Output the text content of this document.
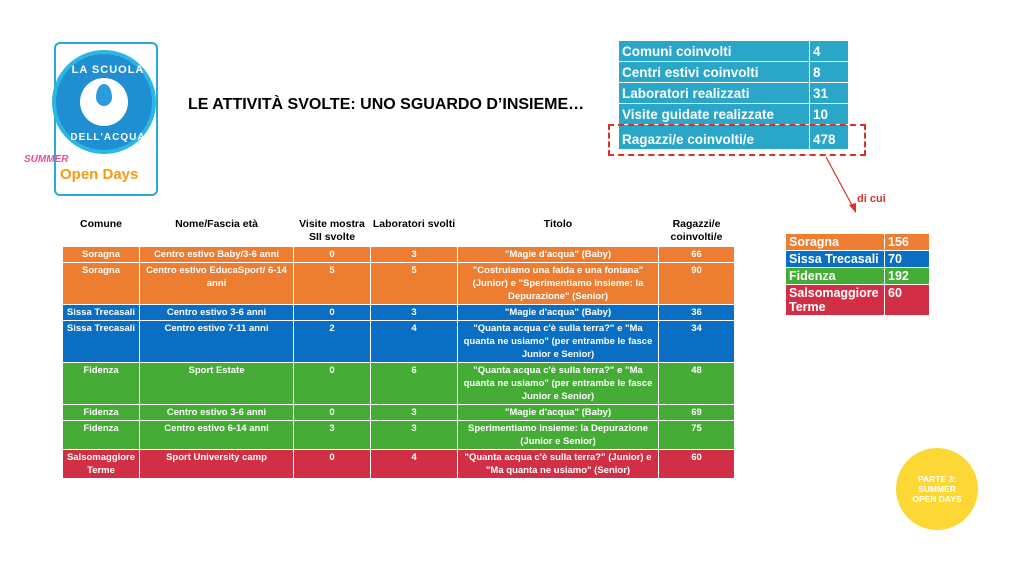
LA SCUOLA
DELL'ACQUA
SUMMER
Open Days
LE ATTIVITÀ SVOLTE: UNO SGUARDO D’INSIEME…
Comuni coinvolti	4
Centri estivi coinvolti	8
Laboratori realizzati	31
Visite guidate realizzate	10
Ragazzi/e coinvolti/e	478
di cui
Soragna	156
Sissa Trecasali	70
Fidenza	192
Salsomaggiore Terme	60
Comune	Nome/Fascia età	Visite mostra SII svolte	Laboratori svolti	Titolo	Ragazzi/e coinvolti/e
Soragna	Centro estivo Baby/3-6 anni	0	3	"Magie d'acqua" (Baby)	66
Soragna	Centro estivo EducaSport/ 6-14 anni	5	5	"Costruiamo una falda e una fontana" (Junior) e "Sperimentiamo insieme: la Depurazione" (Senior)	90
Sissa Trecasali	Centro estivo 3-6 anni	0	3	"Magie d'acqua" (Baby)	36
Sissa Trecasali	Centro estivo 7-11 anni	2	4	"Quanta acqua c'è sulla terra?" e "Ma quanta ne usiamo" (per entrambe le fasce Junior e Senior)	34
Fidenza	Sport Estate	0	6	"Quanta acqua c'è sulla terra?" e "Ma quanta ne usiamo" (per entrambe le fasce Junior e Senior)	48
Fidenza	Centro estivo 3-6 anni	0	3	"Magie d'acqua" (Baby)	69
Fidenza	Centro estivo 6-14 anni	3	3	Sperimentiamo insieme: la Depurazione (Junior e Senior)	75
Salsomaggiore Terme	Sport University camp	0	4	"Quanta acqua c'è sulla terra?" (Junior) e "Ma quanta ne usiamo" (Senior)	60
PARTE 3: SUMMER OPEN DAYS
